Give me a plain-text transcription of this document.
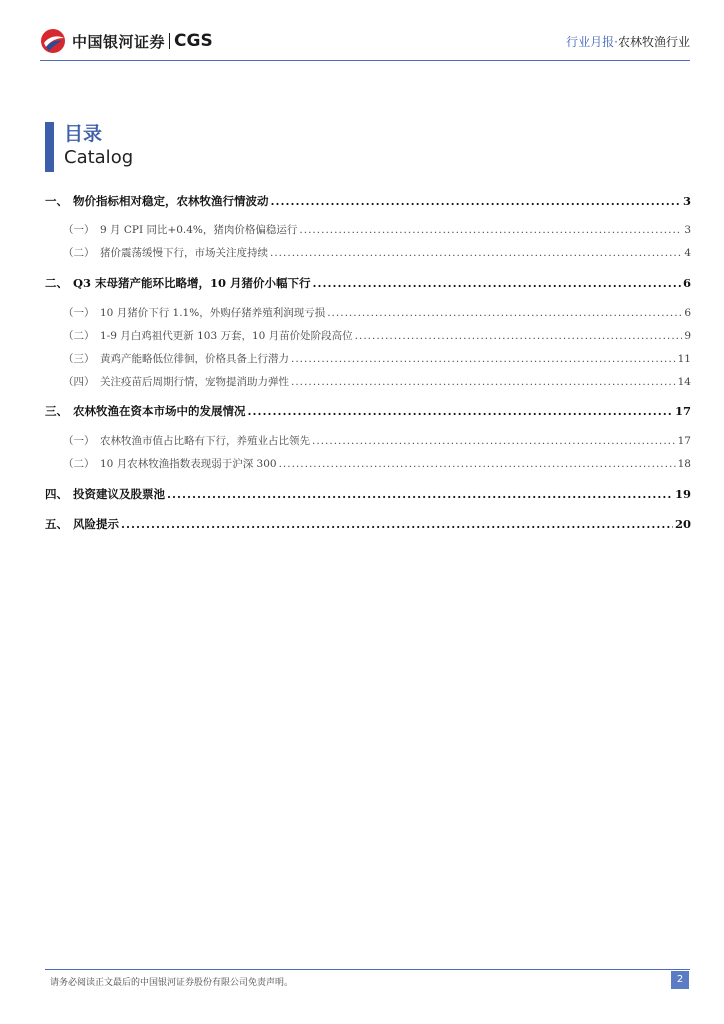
中国银河证券 CGS	行业月报·农林牧渔行业
目录
Catalog
一、 物价指标相对稳定，农林牧渔行情波动 .....	3
（一） 9 月 CPI 同比+0.4%，猪肉价格偏稳运行 .....	3
（二） 猪价震荡缓慢下行，市场关注度持续 .....	4
二、 Q3 末母猪产能环比略增，10 月猪价小幅下行 .....	6
（一） 10 月猪价下行 1.1%，外购仔猪养殖利润现亏损 .....	6
（二） 1-9 月白鸡祖代更新 103 万套，10 月苗价处阶段高位 .....	9
（三） 黄鸡产能略低位徘徊，价格具备上行潜力 .....	11
（四） 关注疫苗后周期行情，宠物提消助力弹性 .....	14
三、 农林牧渔在资本市场中的发展情况 .....	17
（一） 农林牧渔市值占比略有下行，养殖业占比领先 .....	17
（二） 10 月农林牧渔指数表现弱于沪深 300 .....	18
四、 投资建议及股票池 .....	19
五、 风险提示 .....	20
请务必阅读正文最后的中国银河证券股份有限公司免责声明。	2
